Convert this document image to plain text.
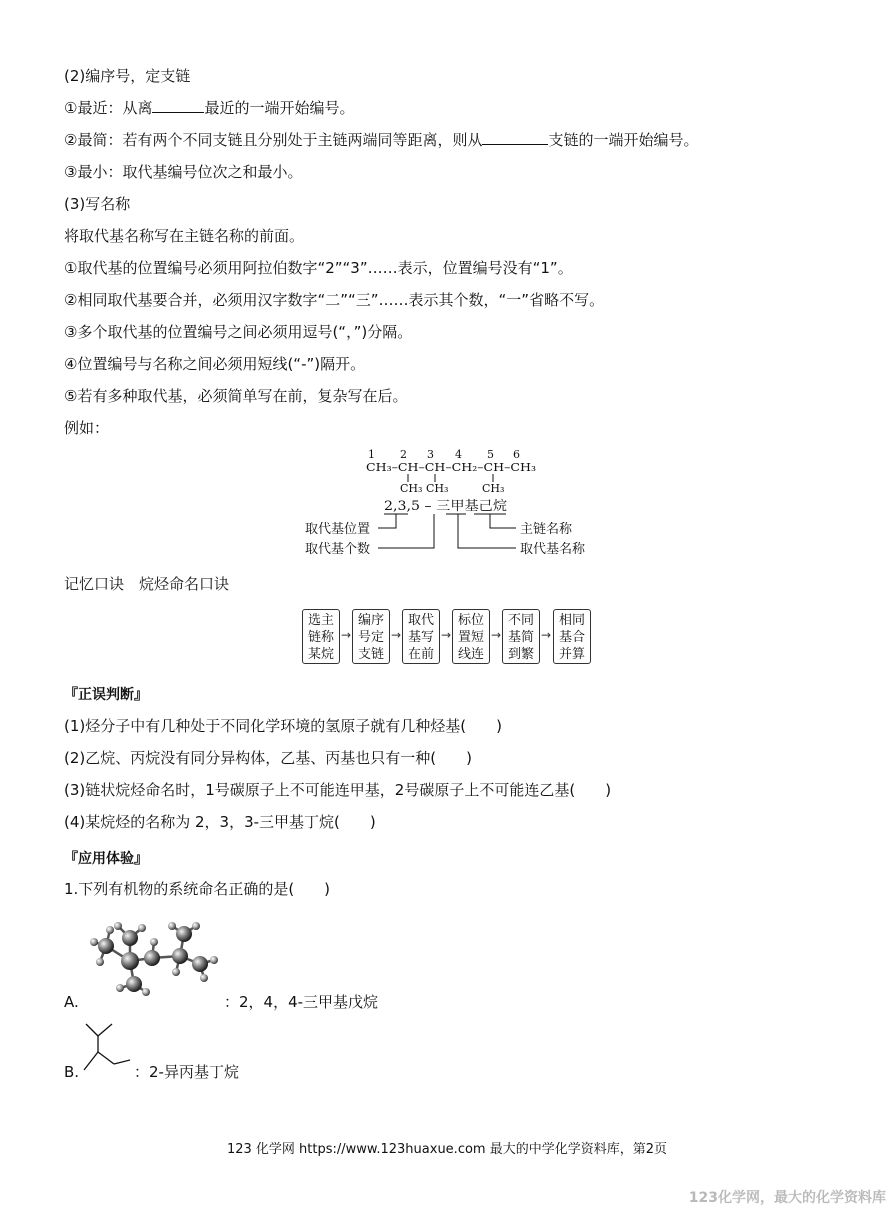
(2)编序号，定支链
①最近：从离	最近的一端开始编号。
②最简：若有两个不同支链且分别处于主链两端同等距离，则从	支链的一端开始编号。
③最小：取代基编号位次之和最小。
(3)写名称
将取代基名称写在主链名称的前面。
①取代基的位置编号必须用阿拉伯数字“2”“3”……表示，位置编号没有“1”。
②相同取代基要合并，必须用汉字数字“二”“三”……表示其个数，“一”省略不写。
③多个取代基的位置编号之间必须用逗号(“，”)分隔。
④位置编号与名称之间必须用短线(“-”)隔开。
⑤若有多种取代基，必须简单写在前，复杂写在后。
例如：
1 2 3 4 5 6
CH₃–CH–CH–CH₂–CH–CH₃
CH₃ CH₃	CH₃
2,3,5 – 三甲基己烷
取代基位置
取代基个数
主链名称
取代基名称
记忆口诀　烷烃命名口诀
选主
链称
某烷
→
编序
号定
支链
→
取代
基写
在前
→
标位
置短
线连
→
不同
基简
到繁
→
相同
基合
并算
『正误判断』
(1)烃分子中有几种处于不同化学环境的氢原子就有几种烃基(　　)
(2)乙烷、丙烷没有同分异构体，乙基、丙基也只有一种(　　)
(3)链状烷烃命名时，1号碳原子上不可能连甲基，2号碳原子上不可能连乙基(　　)
(4)某烷烃的名称为 2，3，3-三甲基丁烷(　　)
『应用体验』
1.下列有机物的系统命名正确的是(　　)
A.	：2，4，4-三甲基戊烷
B.	：2-异丙基丁烷
123 化学网 https://www.123huaxue.com 最大的中学化学资料库，第2页
123化学网，最大的化学资料库
